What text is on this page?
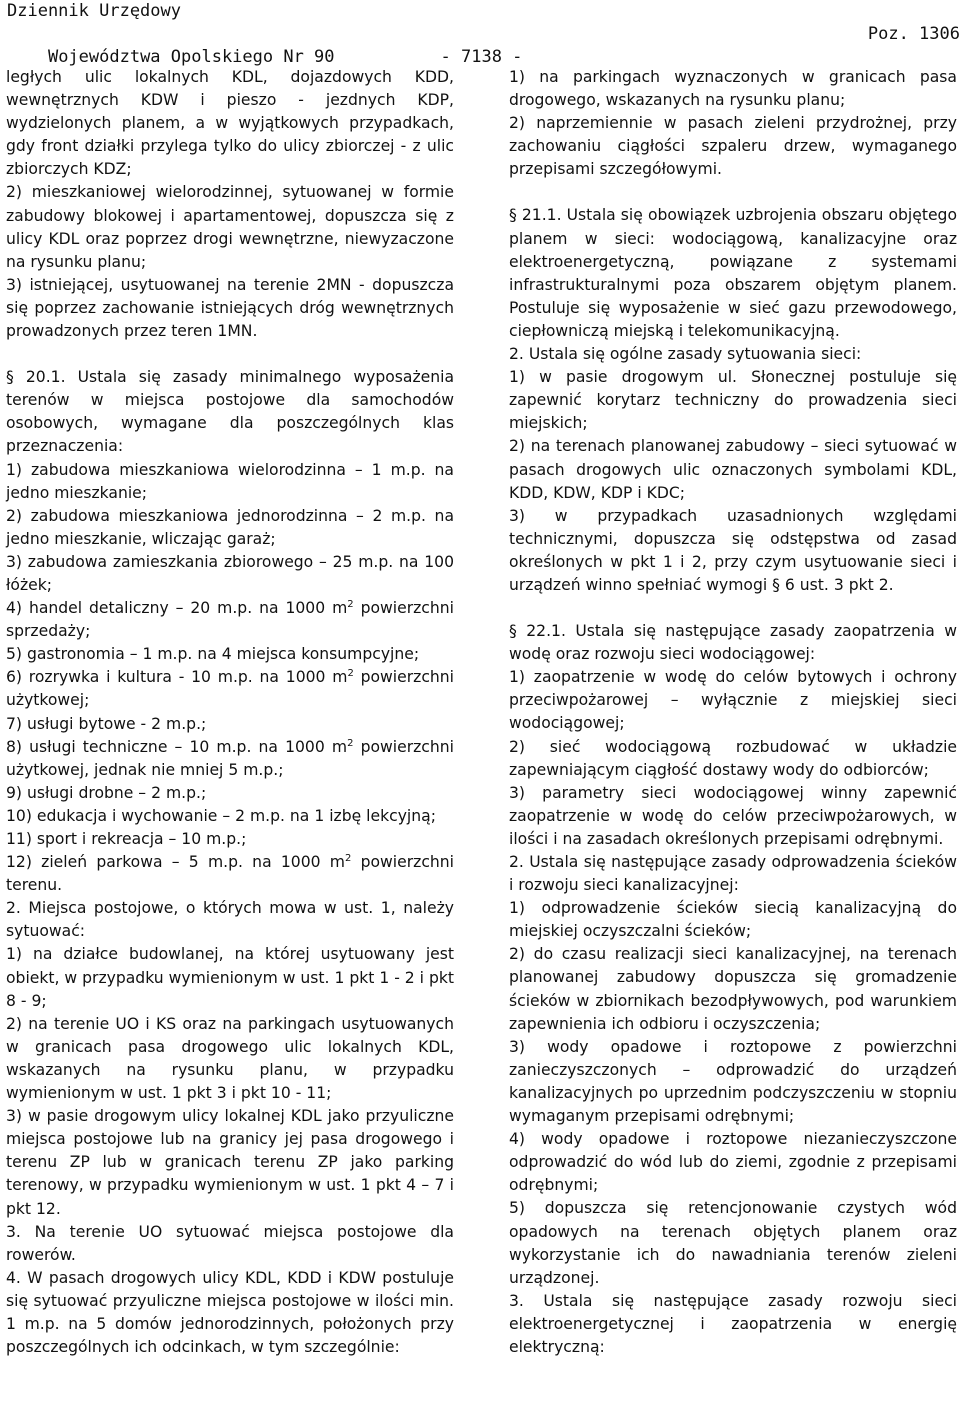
Dziennik Urzędowy

Województwa Opolskiego Nr 90	- 7138 -

Poz. 1306

ległych ulic lokalnych KDL, dojazdowych KDD, wewnętrznych KDW i pieszo - jezdnych KDP, wydzielonych planem, a w wyjątkowych przypadkach, gdy front działki przylega tylko do ulicy zbiorczej - z ulic zbiorczych KDZ;

2) mieszkaniowej wielorodzinnej, sytuowanej w formie zabudowy blokowej i apartamentowej, dopuszcza się z ulicy KDL oraz poprzez drogi wewnętrzne, niewyzaczone na rysunku planu;

3) istniejącej, usytuowanej na terenie 2MN - dopuszcza się poprzez zachowanie istniejących dróg wewnętrznych prowadzonych przez teren 1MN.

§ 20.1. Ustala się zasady minimalnego wyposażenia terenów w miejsca postojowe dla samochodów osobowych, wymagane dla poszczególnych klas przeznaczenia:

1) zabudowa mieszkaniowa wielorodzinna – 1 m.p. na jedno mieszkanie;

2) zabudowa mieszkaniowa jednorodzinna – 2 m.p. na jedno mieszkanie, wliczając garaż;

3) zabudowa zamieszkania zbiorowego – 25 m.p. na 100 łóżek;

4) handel detaliczny – 20 m.p. na 1000 $m^2$ powierzchni sprzedaży;

5) gastronomia – 1 m.p. na 4 miejsca konsumpcyjne;

6) rozrywka i kultura - 10 m.p. na 1000 $m^2$ powierzchni użytkowej;

7) usługi bytowe - 2 m.p.;

8) usługi techniczne – 10 m.p. na 1000 $m^2$ powierzchni użytkowej, jednak nie mniej 5 m.p.;

9) usługi drobne – 2 m.p.;

10) edukacja i wychowanie – 2 m.p. na 1 izbę lekcyjną;

11) sport i rekreacja – 10 m.p.;

12) zieleń parkowa – 5 m.p. na 1000 $m^2$ powierzchni terenu.

2. Miejsca postojowe, o których mowa w ust. 1, należy sytuować:

1) na działce budowlanej, na której usytuowany jest obiekt, w przypadku wymienionym w ust. 1 pkt 1 - 2 i pkt 8 - 9;

2) na terenie UO i KS oraz na parkingach usytuowanych w granicach pasa drogowego ulic lokalnych KDL, wskazanych na rysunku planu, w przypadku wymienionym w ust. 1 pkt 3 i pkt 10 - 11;

3) w pasie drogowym ulicy lokalnej KDL jako przyuliczne miejsca postojowe lub na granicy jej pasa drogowego i terenu ZP lub w granicach terenu ZP jako parking terenowy, w przypadku wymienionym w ust. 1 pkt 4 – 7 i pkt 12.

3. Na terenie UO sytuować miejsca postojowe dla rowerów.

4. W pasach drogowych ulicy KDL, KDD i KDW postuluje się sytuować przyuliczne miejsca postojowe w ilości min. 1 m.p. na 5 domów jednorodzinnych, położonych przy poszczególnych ich odcinkach, w tym szczególnie:

1) na parkingach wyznaczonych w granicach pasa drogowego, wskazanych na rysunku planu;

2) naprzemiennie w pasach zieleni przydrożnej, przy zachowaniu ciągłości szpaleru drzew, wymaganego przepisami szczegółowymi.

§ 21.1. Ustala się obowiązek uzbrojenia obszaru objętego planem w sieci: wodociągową, kanalizacyjne oraz elektroenergetyczną, powiązane z systemami infrastrukturalnymi poza obszarem objętym planem. Postuluje się wyposażenie w sieć gazu przewodowego, ciepłowniczą miejską i telekomunikacyjną.

2. Ustala się ogólne zasady sytuowania sieci:

1) w pasie drogowym ul. Słonecznej postuluje się zapewnić korytarz techniczny do prowadzenia sieci miejskich;

2) na terenach planowanej zabudowy – sieci sytuować w pasach drogowych ulic oznaczonych symbolami KDL, KDD, KDW, KDP i KDC;

3) w przypadkach uzasadnionych względami technicznymi, dopuszcza się odstępstwa od zasad określonych w pkt 1 i 2, przy czym usytuowanie sieci i urządzeń winno spełniać wymogi § 6 ust. 3 pkt 2.

§ 22.1. Ustala się następujące zasady zaopatrzenia w wodę oraz rozwoju sieci wodociągowej:

1) zaopatrzenie w wodę do celów bytowych i ochrony przeciwpożarowej – wyłącznie z miejskiej sieci wodociągowej;

2) sieć wodociągową rozbudować w układzie zapewniającym ciągłość dostawy wody do odbiorców;

3) parametry sieci wodociągowej winny zapewnić zaopatrzenie w wodę do celów przeciwpożarowych, w ilości i na zasadach określonych przepisami odrębnymi.

2. Ustala się następujące zasady odprowadzenia ścieków i rozwoju sieci kanalizacyjnej:

1) odprowadzenie ścieków siecią kanalizacyjną do miejskiej oczyszczalni ścieków;

2) do czasu realizacji sieci kanalizacyjnej, na terenach planowanej zabudowy dopuszcza się gromadzenie ścieków w zbiornikach bezodpływowych, pod warunkiem zapewnienia ich odbioru i oczyszczenia;

3) wody opadowe i roztopowe z powierzchni zanieczyszczonych – odprowadzić do urządzeń kanalizacyjnych po uprzednim podczyszczeniu w stopniu wymaganym przepisami odrębnymi;

4) wody opadowe i roztopowe niezanieczyszczone odprowadzić do wód lub do ziemi, zgodnie z przepisami odrębnymi;

5) dopuszcza się retencjonowanie czystych wód opadowych na terenach objętych planem oraz wykorzystanie ich do nawadniania terenów zieleni urządzonej.

3. Ustala się następujące zasady rozwoju sieci elektroenergetycznej i zaopatrzenia w energię elektryczną:
